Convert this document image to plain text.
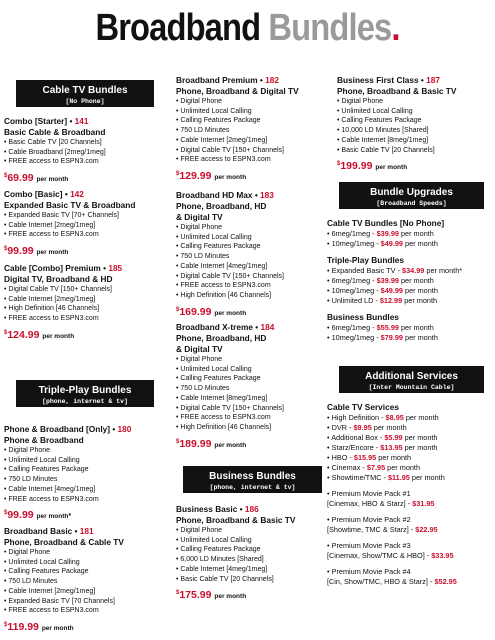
Broadband Bundles.
Cable TV Bundles
[No Phone]
Combo [Starter] • 141
Basic Cable & Broadband
• Basic Cable TV [20 Channels]
• Cable Broadband [2meg/1meg]
• FREE access to ESPN3.com
$69.99 per month
Combo [Basic] • 142
Expanded Basic TV & Broadband
• Expanded Basic TV [70+ Channels]
• Cable Internet [2meg/1meg]
• FREE access to ESPN3.com
$99.99 per month
Cable [Combo] Premium • 185
Digital TV, Broadband & HD
• Digital Cable TV [150+ Channels]
• Cable Internet [2meg/1meg]
• High Definition [46 Channels]
• FREE access to ESPN3.com
$124.99 per month
Triple-Play Bundles
[phone, internet & tv]
Phone & Broadband [Only] • 180
Phone & Broadband
• Digital Phone
• Unlimited Local Calling
• Calling Features Package
• 750 LD Minutes
• Cable Internet [4meg/1meg]
• FREE access to ESPN3.com
$99.99 per month*
Broadband Basic • 181
Phone, Broadband & Cable TV
• Digital Phone
• Unlimited Local Calling
• Calling Features Package
• 750 LD Minutes
• Cable Internet [2meg/1meg]
• Expanded Basic TV [70 Channels]
• FREE access to ESPN3.com
$119.99 per month
Broadband Premium • 182
Phone, Broadband & Digital TV
• Digital Phone
• Unlimited Local Calling
• Calling Features Package
• 750 LD Minutes
• Cable Internet [2meg/1meg]
• Digital Cable TV [150+ Channels]
• FREE access to ESPN3.com
$129.99 per month
Broadband HD Max • 183
Phone, Broadband, HD
& Digital TV
• Digital Phone
• Unlimited Local Calling
• Calling Features Package
• 750 LD Minutes
• Cable Internet [4meg/1meg]
• Digital Cable TV [150+ Channels]
• FREE access to ESPN3.com
• High Definition [46 Channels]
$169.99 per month
Broadband X-treme • 184
Phone, Broadband, HD
& Digital TV
• Digital Phone
• Unlimited Local Calling
• Calling Features Package
• 750 LD Minutes
• Cable Internet [8meg/1meg]
• Digital Cable TV [150+ Channels]
• FREE access to ESPN3.com
• High Definition [46 Channels]
$189.99 per month
Business Bundles
[phone, internet & tv]
Business Basic • 186
Phone, Broadband & Basic TV
• Digital Phone
• Unlimited Local Calling
• Calling Features Package
• 6,000 LD Minutes [Shared]
• Cable Internet [4meg/1meg]
• Basic Cable TV [20 Channels]
$175.99 per month
Business First Class • 187
Phone, Broadband & Basic TV
• Digital Phone
• Unlimited Local Calling
• Calling Features Package
• 10,000 LD Minutes [Shared]
• Cable Internet [8meg/1meg]
• Basic Cable TV [20 Channels]
$199.99 per month
Bundle Upgrades
[Broadband Speeds]
Cable TV Bundles [No Phone]
• 6meg/1meg - $39.99 per month
• 10meg/1meg - $49.99 per month
Triple-Play Bundles
• Expanded Basic TV - $34.99 per month*
• 6meg/1meg - $39.99 per month
• 10meg/1meg - $49.99 per month
• Unlimited LD - $12.99 per month
Business Bundles
• 6meg/1meg - $55.99 per month
• 10meg/1meg - $79.99 per month
Additional Services
[Inter Mountain Cable]
Cable TV Services
• High Definition - $8.95 per month
• DVR - $9.95 per month
• Additional Box - $5.99 per month
• Starz/Encore - $13.95 per month
• HBO - $15.95 per month
• Cinemax - $7.95 per month
• Showtime/TMC - $11.95 per month
• Premium Movie Pack #1
[Cinemax, HBO & Starz] - $31.95
• Premium Movie Pack #2
[Showtime, TMC & Starz] - $22.95
• Premium Movie Pack #3
[Cinemax, Show/TMC & HBO] - $33.95
• Premium Movie Pack #4
[Cin, Show/TMC, HBO & Starz] - $52.95
